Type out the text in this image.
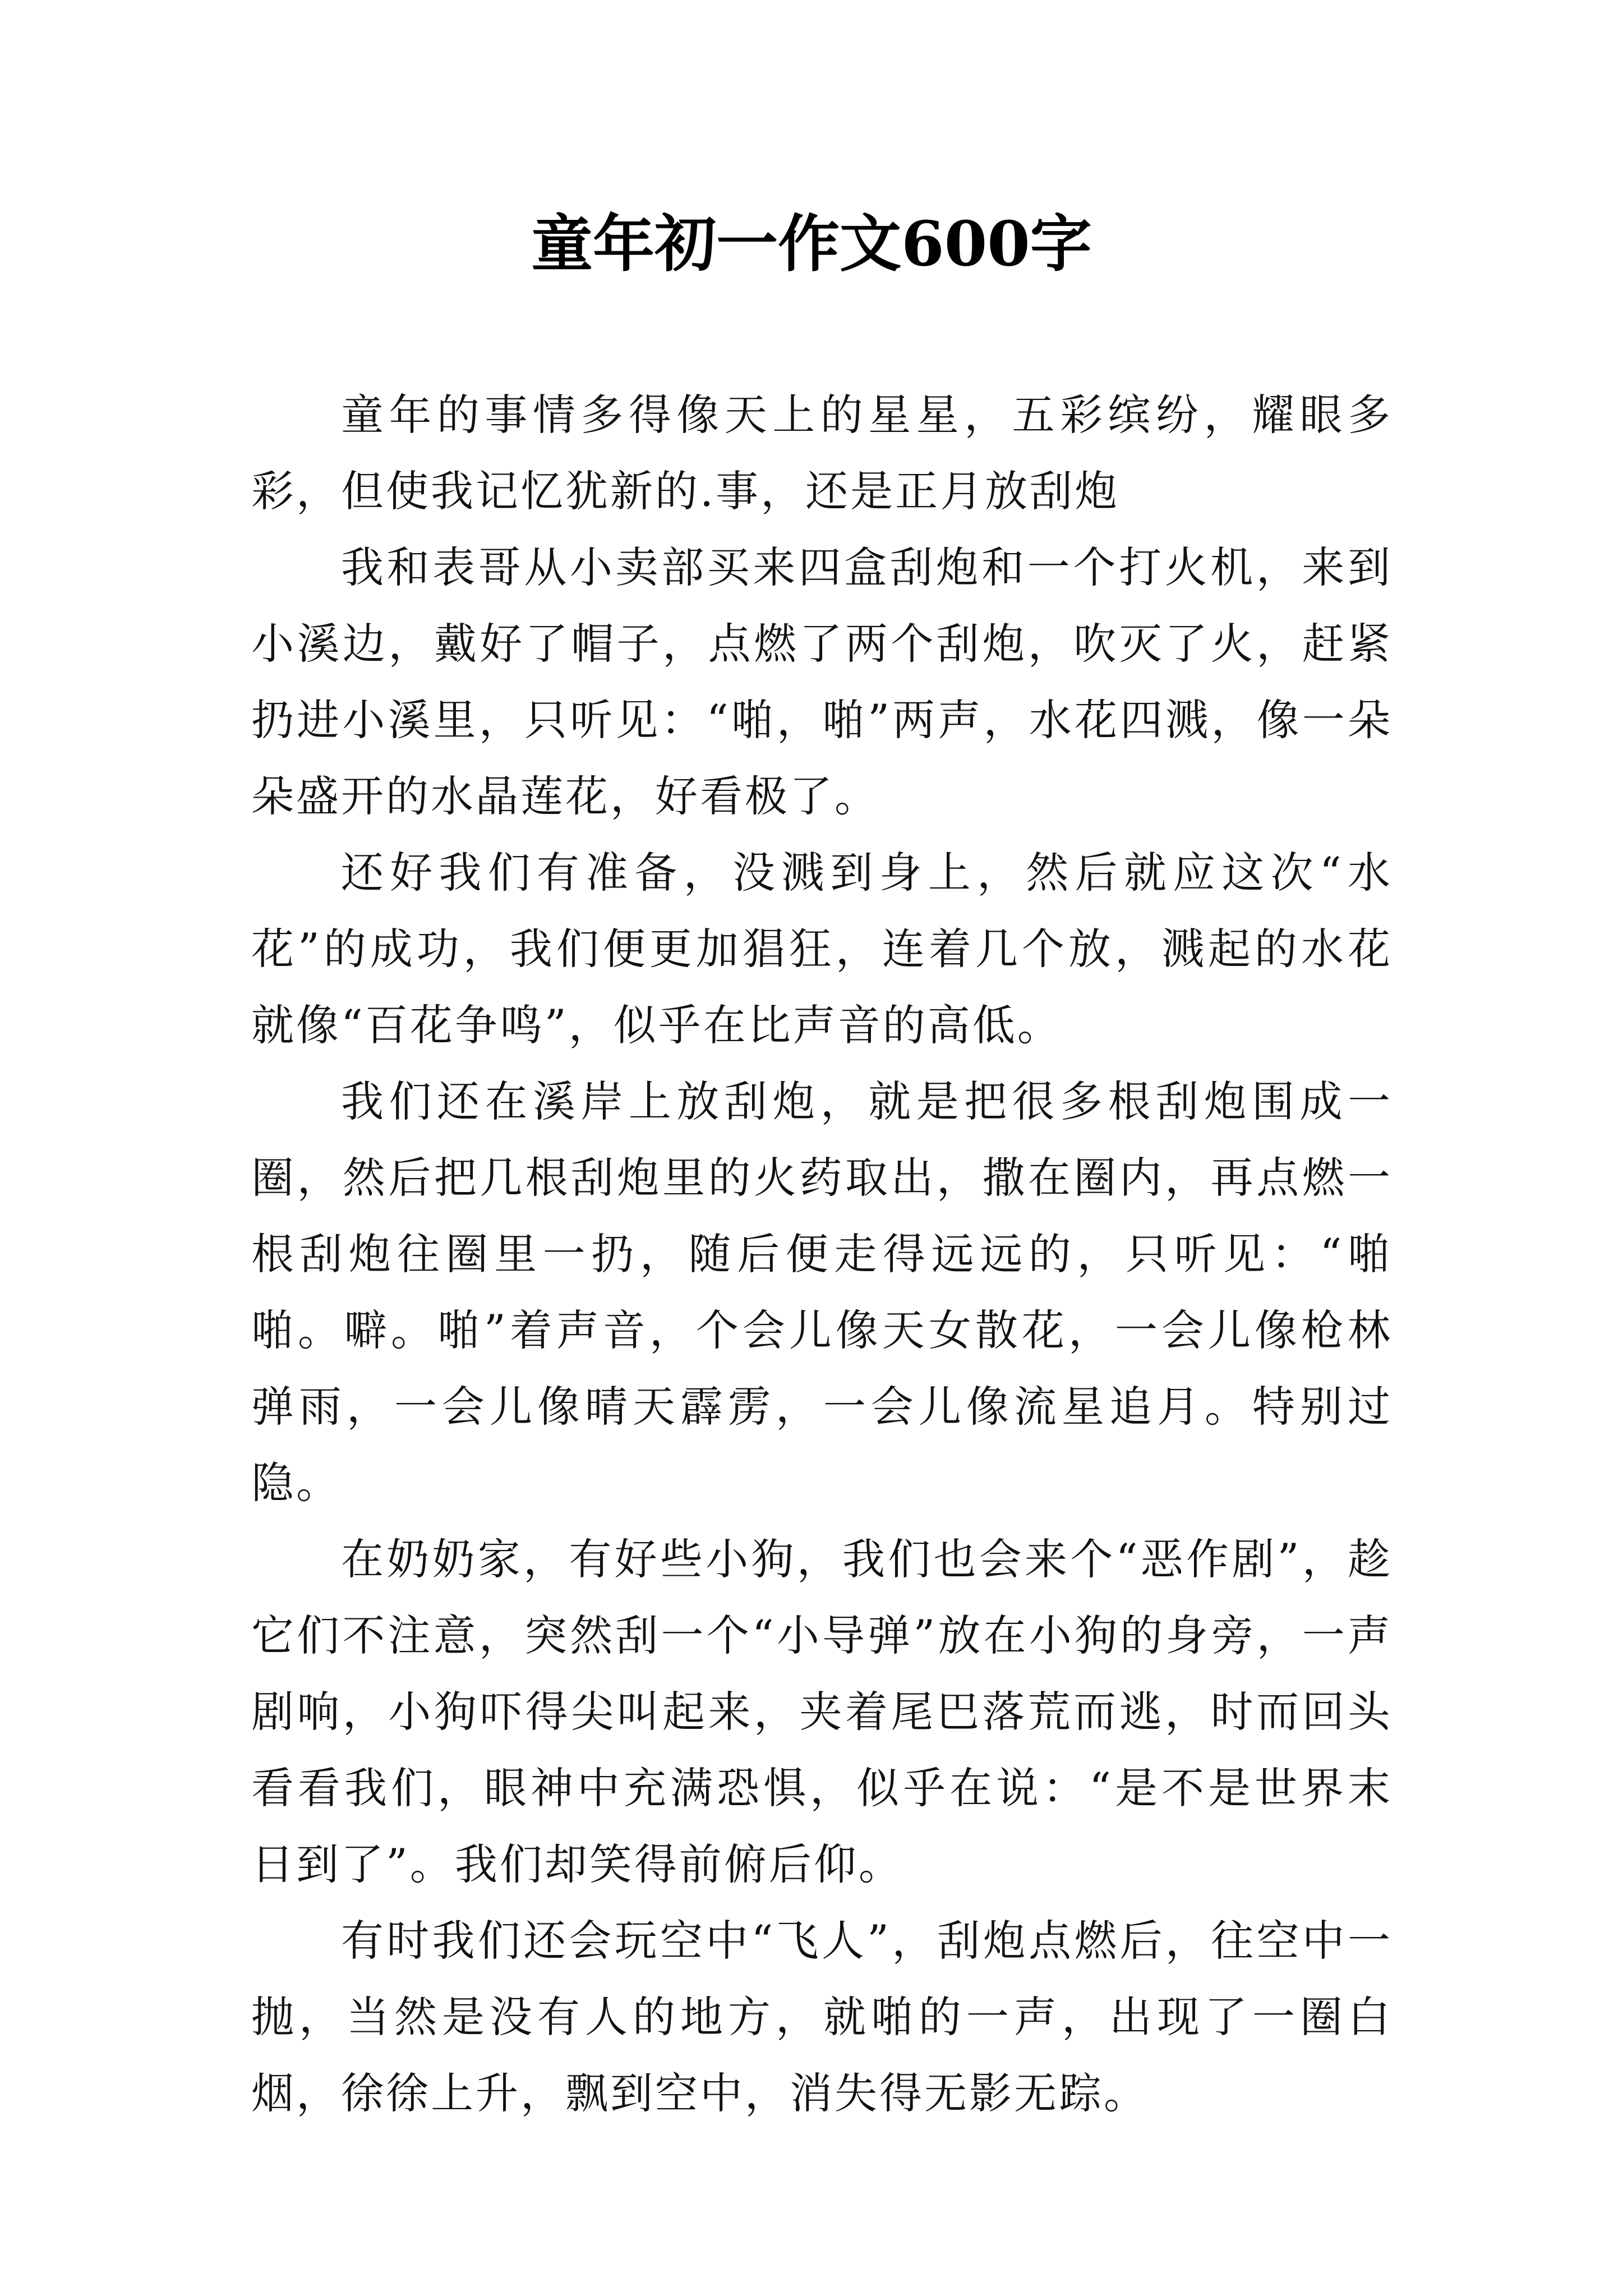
童年初一作文600字

童年的事情多得像天上的星星，五彩缤纷，耀眼多彩，但使我记忆犹新的.事，还是正月放刮炮

我和表哥从小卖部买来四盒刮炮和一个打火机，来到小溪边，戴好了帽子，点燃了两个刮炮，吹灭了火，赶紧扔进小溪里，只听见：“啪，啪”两声，水花四溅，像一朵朵盛开的水晶莲花，好看极了。

还好我们有准备，没溅到身上，然后就应这次“水花”的成功，我们便更加猖狂，连着几个放，溅起的水花就像“百花争鸣”，似乎在比声音的高低。

我们还在溪岸上放刮炮，就是把很多根刮炮围成一圈，然后把几根刮炮里的火药取出，撒在圈内，再点燃一根刮炮往圈里一扔，随后便走得远远的，只听见：“啪啪。噼。啪”着声音，个会儿像天女散花，一会儿像枪林弹雨，一会儿像晴天霹雳，一会儿像流星追月。特别过隐。

在奶奶家，有好些小狗，我们也会来个“恶作剧”，趁它们不注意，突然刮一个“小导弹”放在小狗的身旁，一声剧响，小狗吓得尖叫起来，夹着尾巴落荒而逃，时而回头看看我们，眼神中充满恐惧，似乎在说：“是不是世界末日到了”。我们却笑得前俯后仰。

有时我们还会玩空中“飞人”，刮炮点燃后，往空中一抛，当然是没有人的地方，就啪的一声，出现了一圈白烟，徐徐上升，飘到空中，消失得无影无踪。
